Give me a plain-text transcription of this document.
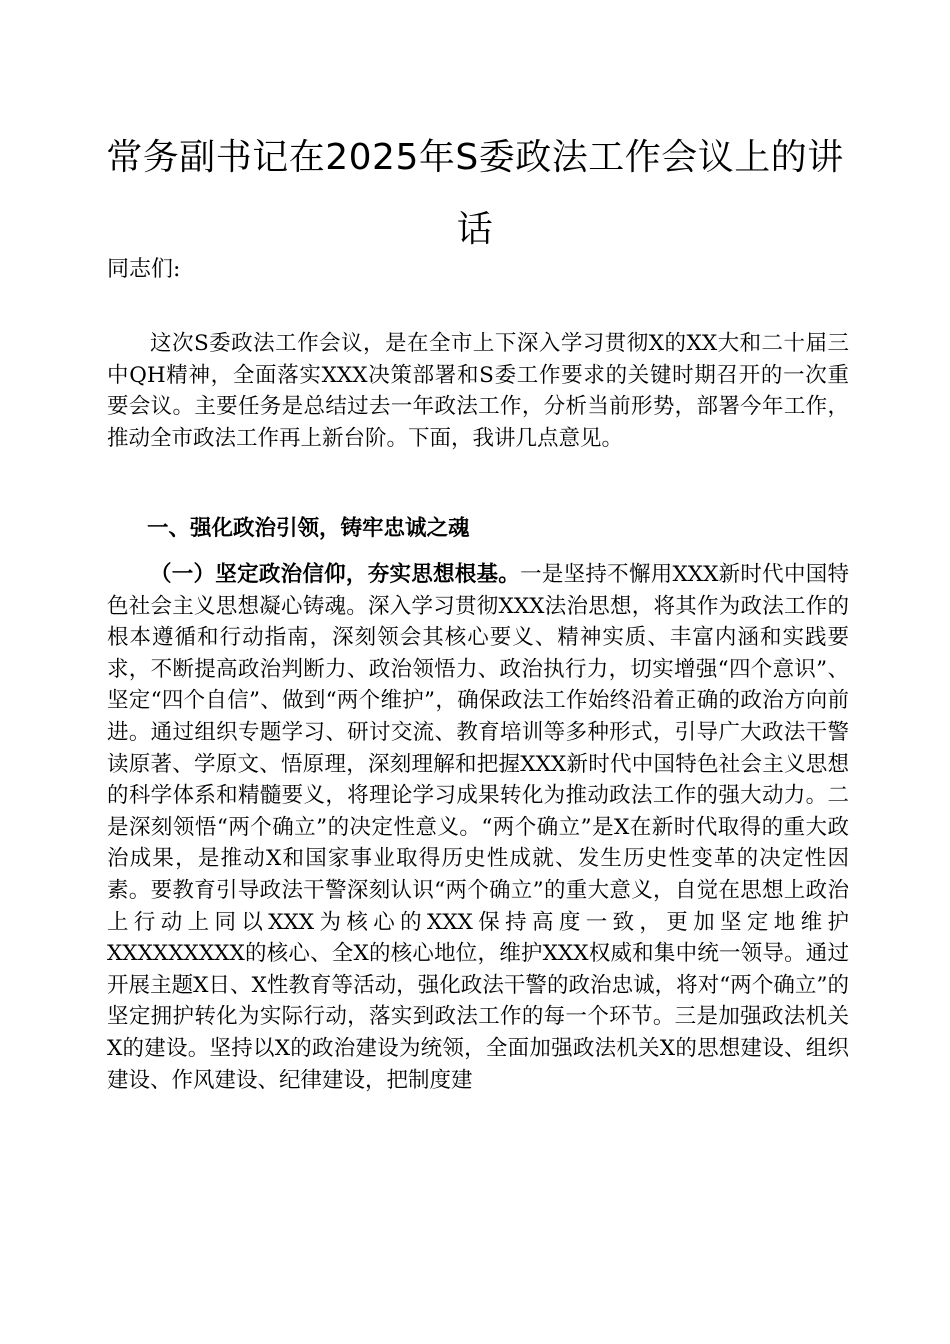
常务副书记在2025年S委政法工作会议上的讲话

同志们:

这次S委政法工作会议，是在全市上下深入学习贯彻X的XX大和二十届三中QH精神，全面落实XXX决策部署和S委工作要求的关键时期召开的一次重要会议。主要任务是总结过去一年政法工作，分析当前形势，部署今年工作，推动全市政法工作再上新台阶。下面，我讲几点意见。

一、强化政治引领，铸牢忠诚之魂

（一）坚定政治信仰，夯实思想根基。一是坚持不懈用XXX新时代中国特色社会主义思想凝心铸魂。深入学习贯彻XXX法治思想，将其作为政法工作的根本遵循和行动指南，深刻领会其核心要义、精神实质、丰富内涵和实践要求，不断提高政治判断力、政治领悟力、政治执行力，切实增强“四个意识”、坚定“四个自信”、做到“两个维护”，确保政法工作始终沿着正确的政治方向前进。通过组织专题学习、研讨交流、教育培训等多种形式，引导广大政法干警读原著、学原文、悟原理，深刻理解和把握XXX新时代中国特色社会主义思想的科学体系和精髓要义，将理论学习成果转化为推动政法工作的强大动力。二是深刻领悟“两个确立”的决定性意义。“两个确立”是X在新时代取得的重大政治成果，是推动X和国家事业取得历史性成就、发生历史性变革的决定性因素。要教育引导政法干警深刻认识“两个确立”的重大意义，自觉在思想上政治上行动上同以XXX为核心的XXX保持高度一致，更加坚定地维护XXXXXXXXX的核心、全X的核心地位，维护XXX权威和集中统一领导。通过开展主题X日、X性教育等活动，强化政法干警的政治忠诚，将对“两个确立”的坚定拥护转化为实际行动，落实到政法工作的每一个环节。三是加强政法机关X的建设。坚持以X的政治建设为统领，全面加强政法机关X的思想建设、组织建设、作风建设、纪律建设，把制度建
